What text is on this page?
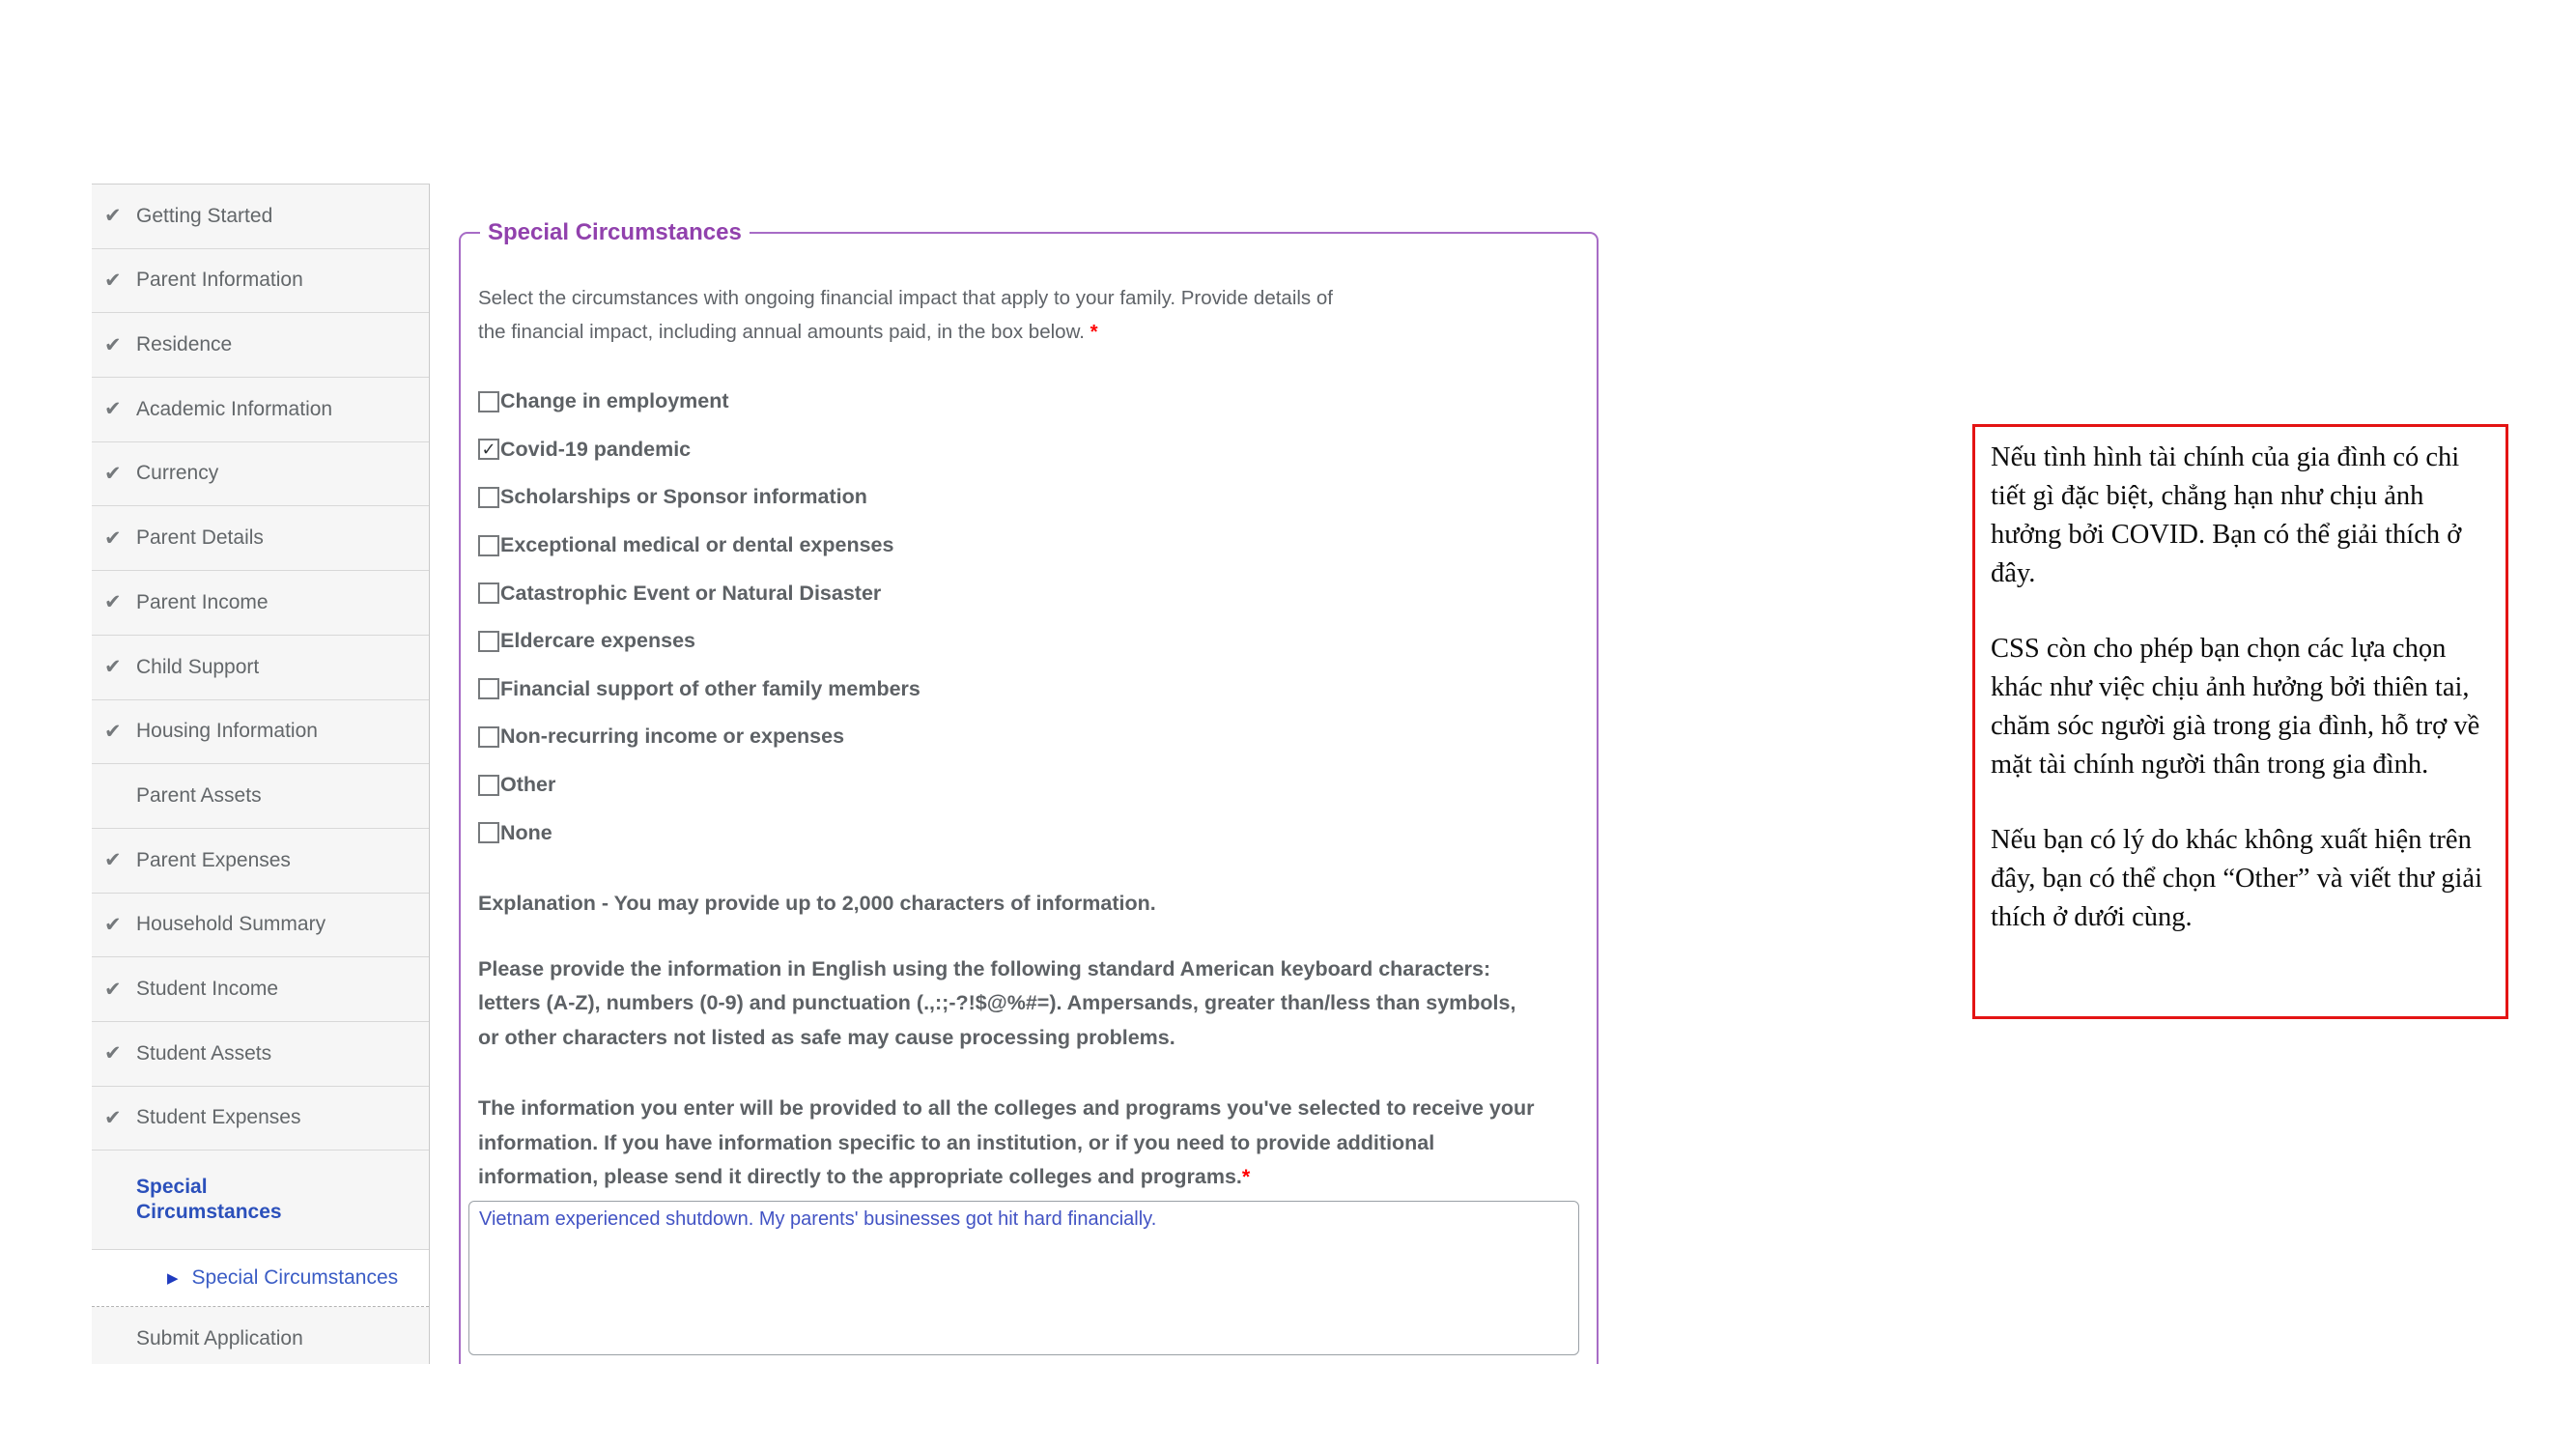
✔ Getting Started
✔ Parent Information
✔ Residence
✔ Academic Information
✔ Currency
✔ Parent Details
✔ Parent Income
✔ Child Support
✔ Housing Information
Parent Assets
✔ Parent Expenses
✔ Household Summary
✔ Student Income
✔ Student Assets
✔ Student Expenses
Special Circumstances
▶ Special Circumstances
Submit Application
Special Circumstances

Select the circumstances with ongoing financial impact that apply to your family. Provide details of the financial impact, including annual amounts paid, in the box below. *

Change in employment
✓ Covid-19 pandemic
Scholarships or Sponsor information
Exceptional medical or dental expenses
Catastrophic Event or Natural Disaster
Eldercare expenses
Financial support of other family members
Non-recurring income or expenses
Other
None

Explanation - You may provide up to 2,000 characters of information.

Please provide the information in English using the following standard American keyboard characters: letters (A-Z), numbers (0-9) and punctuation (.,:;-?!$@%#=). Ampersands, greater than/less than symbols, or other characters not listed as safe may cause processing problems.

The information you enter will be provided to all the colleges and programs you've selected to receive your information. If you have information specific to an institution, or if you need to provide additional information, please send it directly to the appropriate colleges and programs.*

Vietnam experienced shutdown. My parents' businesses got hit hard financially.

Nếu tình hình tài chính của gia đình có chi tiết gì đặc biệt, chẳng hạn như chịu ảnh hưởng bởi COVID. Bạn có thể giải thích ở đây.

CSS còn cho phép bạn chọn các lựa chọn khác như việc chịu ảnh hưởng bởi thiên tai, chăm sóc người già trong gia đình, hỗ trợ về mặt tài chính người thân trong gia đình.

Nếu bạn có lý do khác không xuất hiện trên đây, bạn có thể chọn “Other” và viết thư giải thích ở dưới cùng.
